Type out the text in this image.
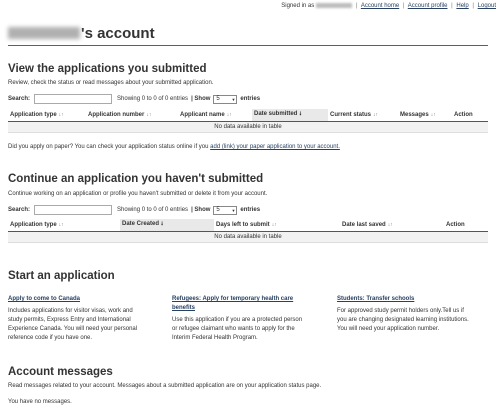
Signed in as	| Account home | Account profile | Help | Logout
's account
View the applications you submitted
Review, check the status or read messages about your submitted application.
Search:	Showing 0 to 0 of 0 entries | Show 5	▼ entries
Application type ↓↑	Application number ↓↑	Applicant name ↓↑	Date submitted 🠗	Current status ↓↑	Messages ↓↑	Action
No data available in table
Did you apply on paper? You can check your application status online if you add (link) your paper application to your account.
Continue an application you haven't submitted
Continue working on an application or profile you haven't submitted or delete it from your account.
Search:	Showing 0 to 0 of 0 entries | Show 5	▼ entries
Application type ↓↑	Date Created 🠗	Days left to submit ↓↑	Date last saved ↓↑	Action
No data available in table
Start an application
Apply to come to Canada
Includes applications for visitor visas, work and
study permits, Express Entry and International
Experience Canada. You will need your personal
reference code if you have one.
Refugees: Apply for temporary health care benefits
Use this application if you are a protected person
or refugee claimant who wants to apply for the
Interim Federal Health Program.
Students: Transfer schools
For approved study permit holders only.Tell us if
you are changing designated learning institutions.
You will need your application number.
Account messages
Read messages related to your account. Messages about a submitted application are on your application status page.
You have no messages.
